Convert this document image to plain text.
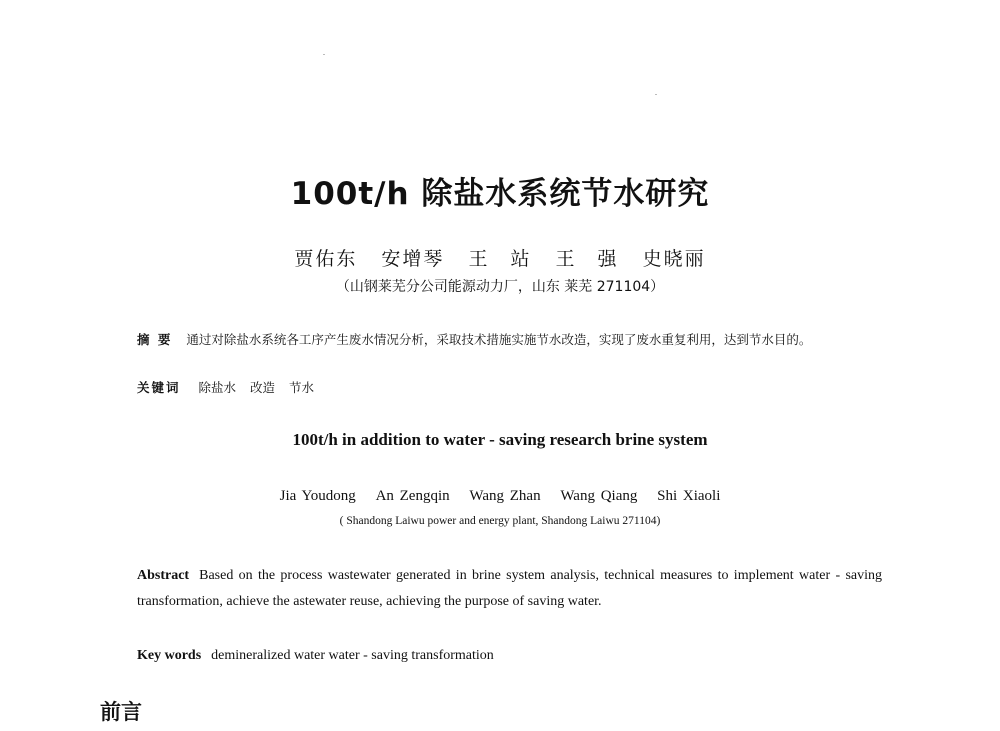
100t/h 除盐水系统节水研究
贾佑东 安增琴 王　站 王　强 史晓丽
（山钢莱芜分公司能源动力厂，山东 莱芜 271104）
摘 要 通过对除盐水系统各工序产生废水情况分析，采取技术措施实施节水改造，实现了废水重复利用，达到节水目的。
关键词 除盐水 改造 节水
100t/h in addition to water - saving research brine system
Jia Youdong An Zengqin Wang Zhan Wang Qiang Shi Xiaoli
( Shandong Laiwu power and energy plant, Shandong Laiwu 271104)
Abstract Based on the process wastewater generated in brine system analysis, technical measures to implement water - saving transformation, achieve the astewater reuse, achieving the purpose of saving water.
Key words demineralized water water - saving transformation
前言
